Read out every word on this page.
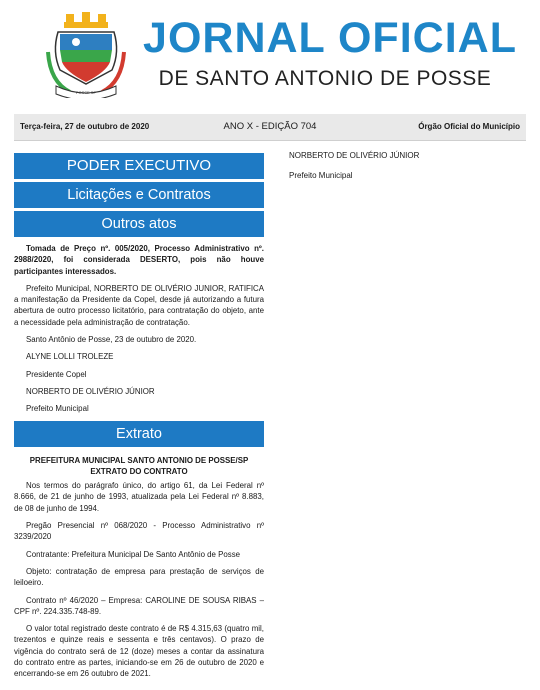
POSSE SP
JORNAL OFICIAL
DE SANTO ANTONIO DE POSSE
Terça-feira, 27 de outubro de 2020	ANO X - EDIÇÃO 704	Órgão Oficial do Município
PODER EXECUTIVO
Licitações e Contratos
Outros atos

Tomada de Preço nº. 005/2020, Processo Administrativo nº. 2988/2020, foi considerada DESERTO, pois não houve participantes interessados.

Prefeito Municipal, NORBERTO DE OLIVÉRIO JUNIOR, RATIFICA a manifestação da Presidente da Copel, desde já autorizando a futura abertura de outro processo licitatório, para contratação do objeto, ante a necessidade pela administração de contratação.

Santo Antônio de Posse, 23 de outubro de 2020.

ALYNE LOLLI TROLEZE

Presidente Copel

NORBERTO DE OLIVÉRIO JÚNIOR

Prefeito Municipal

Extrato

PREFEITURA MUNICIPAL SANTO ANTONIO DE POSSE/SP

EXTRATO DO CONTRATO

Nos termos do parágrafo único, do artigo 61, da Lei Federal nº 8.666, de 21 de junho de 1993, atualizada pela Lei Federal nº 8.883, de 08 de junho de 1994.

Pregão Presencial nº 068/2020 - Processo Administrativo nº 3239/2020

Contratante: Prefeitura Municipal De Santo Antônio de Posse

Objeto: contratação de empresa para prestação de serviços de leiloeiro.

Contrato nº 46/2020 – Empresa: CAROLINE DE SOUSA RIBAS – CPF nº. 224.335.748-89.

O valor total registrado deste contrato é de R$ 4.315,63 (quatro mil, trezentos e quinze reais e sessenta e três centavos). O prazo de vigência do contrato será de 12 (doze) meses a contar da assinatura do contrato entre as partes, iniciando-se em 26 de outubro de 2020 e encerrando-se em 26 outubro de 2021.

NORBERTO DE OLIVÉRIO JÚNIOR

Prefeito Municipal
